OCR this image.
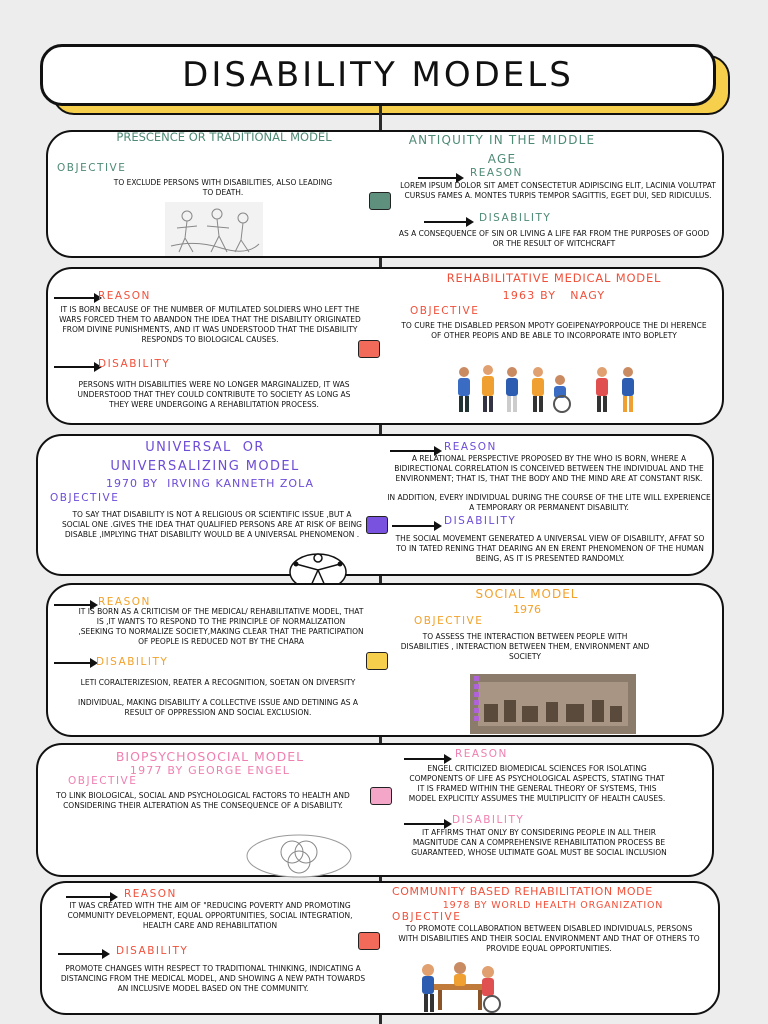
DISABILITY MODELS
PRESCENCE OR TRADITIONAL MODEL
OBJECTIVE
TO EXCLUDE PERSONS WITH DISABILITIES, ALSO LEADING TO DEATH.
ANTIQUITY IN THE MIDDLE AGE
REASON
LOREM IPSUM DOLOR SIT AMET CONSECTETUR ADIPISCING ELIT, LACINIA VOLUTPAT CURSUS FAMES A. MONTES TURPIS TEMPOR SAGITTIS, EGET DUI, SED RIDICULUS.
DISABILITY
AS A CONSEQUENCE OF SIN OR LIVING A LIFE FAR FROM THE PURPOSES OF GOOD OR THE RESULT OF WITCHCRAFT
REASON
IT IS BORN BECAUSE OF THE NUMBER OF MUTILATED SOLDIERS WHO LEFT THE WARS FORCED THEM TO ABANDON THE IDEA THAT THE DISABILITY ORIGINATED FROM DIVINE PUNISHMENTS, AND IT WAS UNDERSTOOD THAT THE DISABILITY RESPONDS TO BIOLOGICAL CAUSES.
DISABILITY
PERSONS WITH DISABILITIES WERE NO LONGER MARGINALIZED, IT WAS UNDERSTOOD THAT THEY COULD CONTRIBUTE TO SOCIETY AS LONG AS THEY WERE UNDERGOING A REHABILITATION PROCESS.
REHABILITATIVE MEDICAL MODEL
1963 BY   NAGY
OBJECTIVE
TO CURE THE DISABLED PERSON MPOTY GOEIPENAYPORPOUCE THE DI HERENCE OF OTHER PEOPIS AND BE ABLE TO INCORPORATE INTO BOPLETY
UNIVERSAL  OR
UNIVERSALIZING MODEL
1970 BY  IRVING KANNETH ZOLA
OBJECTIVE
TO SAY THAT DISABILITY IS NOT A RELIGIOUS OR SCIENTIFIC ISSUE ,BUT A SOCIAL ONE .GIVES THE IDEA THAT QUALIFIED PERSONS ARE AT RISK OF BEING DISABLE ,IMPLYING THAT DISABILITY WOULD BE A UNIVERSAL PHENOMENON .
REASON
A RELATIONAL PERSPECTIVE PROPOSED BY THE WHO IS BORN, WHERE A BIDIRECTIONAL CORRELATION IS CONCEIVED BETWEEN THE INDIVIDUAL AND THE ENVIRONMENT; THAT IS, THAT THE BODY AND THE MIND ARE AT CONSTANT RISK.
IN ADDITION, EVERY INDIVIDUAL DURING THE COURSE OF THE LITE WILL EXPERIENCE A TEMPORARY OR PERMANENT DISABILITY.
DISABILITY
THE SOCIAL MOVEMENT GENERATED A UNIVERSAL VIEW OF DISABILITY, AFFAT SO TO IN TATED RENING THAT DEARING AN EN ERENT PHENOMENON OF THE HUMAN BEING, AS IT IS PRESENTED RANDOMLY.
REASON
IT IS BORN AS A CRITICISM OF THE MEDICAL/ REHABILITATIVE MODEL, THAT IS ,IT WANTS TO RESPOND TO THE PRINCIPLE OF NORMALIZATION ,SEEKING TO NORMALIZE SOCIETY,MAKING CLEAR THAT THE PARTICIPATION OF PEOPLE IS REDUCED NOT BY THE CHARA
DISABILITY
LETI CORALTERIZESION, REATER A RECOGNITION, SOETAN ON DIVERSITY
INDIVIDUAL, MAKING DISABILITY A COLLECTIVE ISSUE AND DETINING AS A RESULT OF OPPRESSION AND SOCIAL EXCLUSION.
SOCIAL MODEL
1976
OBJECTIVE
TO ASSESS THE INTERACTION BETWEEN PEOPLE WITH DISABILITIES , INTERACTION BETWEEN THEM, ENVIRONMENT AND SOCIETY
BIOPSYCHOSOCIAL MODEL
1977 BY GEORGE ENGEL
OBJECTIVE
TO LINK BIOLOGICAL, SOCIAL AND PSYCHOLOGICAL FACTORS TO HEALTH AND CONSIDERING THEIR ALTERATION AS THE CONSEQUENCE OF A DISABILITY.
REASON
ENGEL CRITICIZED BIOMEDICAL SCIENCES FOR ISOLATING COMPONENTS OF LIFE AS PSYCHOLOGICAL ASPECTS, STATING THAT IT IS FRAMED WITHIN THE GENERAL THEORY OF SYSTEMS, THIS MODEL EXPLICITLY ASSUMES THE MULTIPLICITY OF HEALTH CAUSES.
DISABILITY
IT AFFIRMS THAT ONLY BY CONSIDERING PEOPLE IN ALL THEIR MAGNITUDE CAN A COMPREHENSIVE REHABILITATION PROCESS BE GUARANTEED, WHOSE ULTIMATE GOAL MUST BE SOCIAL INCLUSION
REASON
IT WAS CREATED WITH THE AIM OF "REDUCING POVERTY AND PROMOTING COMMUNITY DEVELOPMENT, EQUAL OPPORTUNITIES, SOCIAL INTEGRATION, HEALTH CARE AND REHABILITATION
DISABILITY
PROMOTE CHANGES WITH RESPECT TO TRADITIONAL THINKING, INDICATING A DISTANCING FROM THE MEDICAL MODEL, AND SHOWING A NEW PATH TOWARDS AN INCLUSIVE MODEL BASED ON THE COMMUNITY.
COMMUNITY BASED REHABILITATION MODE
1978 BY WORLD HEALTH ORGANIZATION
OBJECTIVE
TO PROMOTE COLLABORATION BETWEEN DISABLED INDIVIDUALS, PERSONS WITH DISABILITIES AND THEIR SOCIAL ENVIRONMENT AND THAT OF OTHERS TO PROVIDE EQUAL OPPORTUNITIES.
